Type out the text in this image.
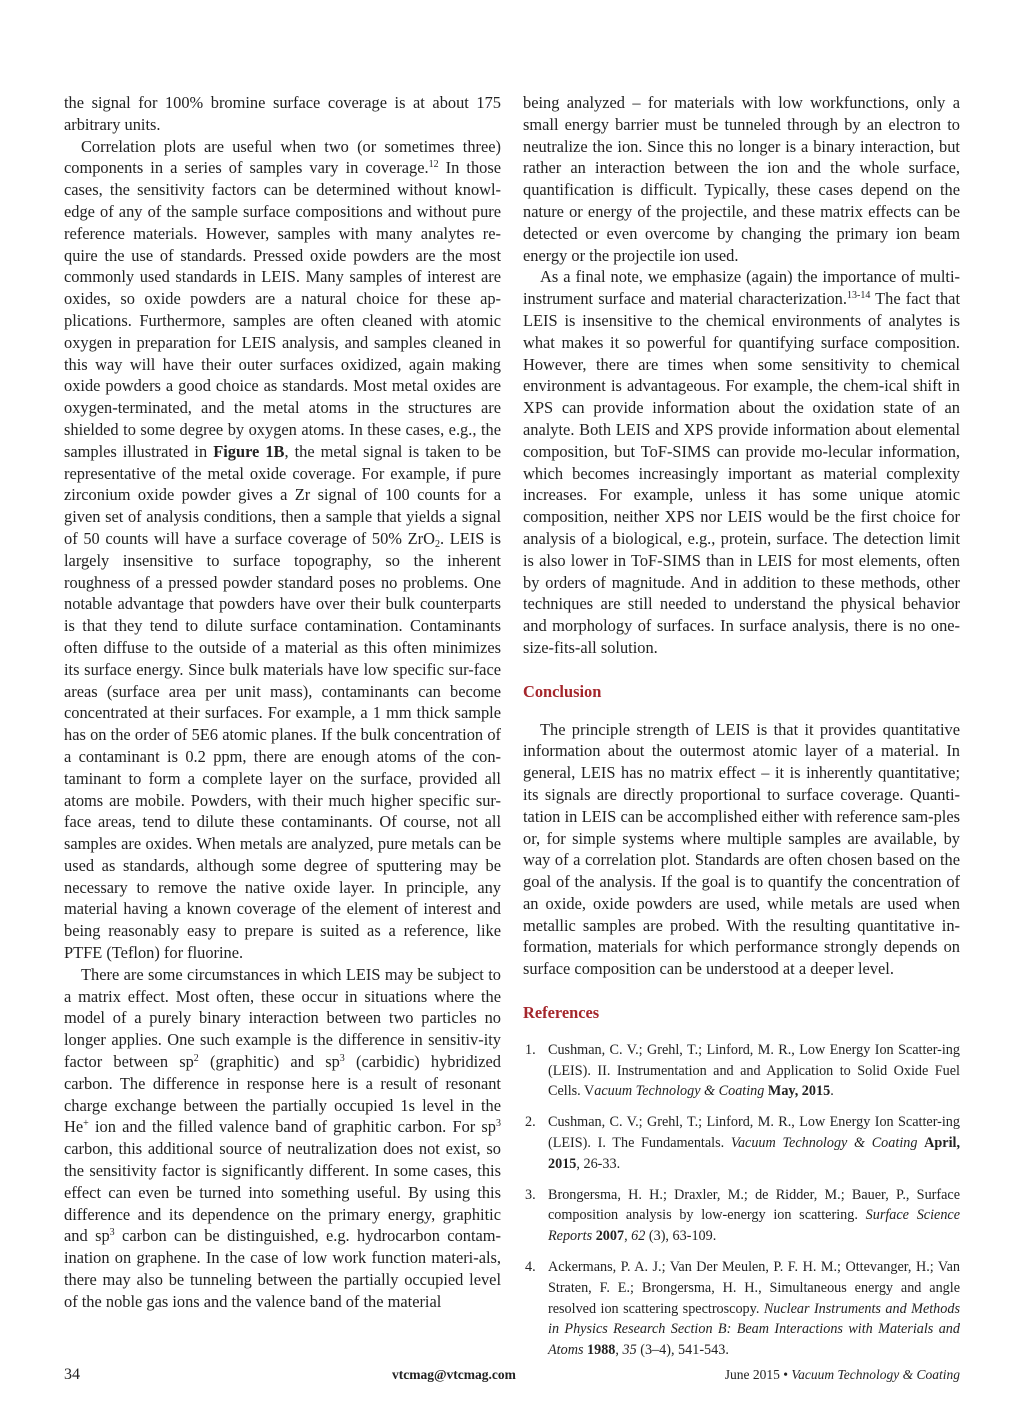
the signal for 100% bromine surface coverage is at about 175 arbitrary units.

Correlation plots are useful when two (or sometimes three) components in a series of samples vary in coverage.$^{12}$ In those cases, the sensitivity factors can be determined without knowl-edge of any of the sample surface compositions and without pure reference materials. However, samples with many analytes re-quire the use of standards. Pressed oxide powders are the most commonly used standards in LEIS. Many samples of interest are oxides, so oxide powders are a natural choice for these ap-plications. Furthermore, samples are often cleaned with atomic oxygen in preparation for LEIS analysis, and samples cleaned in this way will have their outer surfaces oxidized, again making oxide powders a good choice as standards. Most metal oxides are oxygen-terminated, and the metal atoms in the structures are shielded to some degree by oxygen atoms. In these cases, e.g., the samples illustrated in Figure 1B, the metal signal is taken to be representative of the metal oxide coverage. For example, if pure zirconium oxide powder gives a Zr signal of 100 counts for a given set of analysis conditions, then a sample that yields a signal of 50 counts will have a surface coverage of 50% ZrO$_2$. LEIS is largely insensitive to surface topography, so the inherent roughness of a pressed powder standard poses no problems. One notable advantage that powders have over their bulk counterparts is that they tend to dilute surface contamination. Contaminants often diffuse to the outside of a material as this often minimizes its surface energy. Since bulk materials have low specific sur-face areas (surface area per unit mass), contaminants can become concentrated at their surfaces. For example, a 1 mm thick sample has on the order of 5E6 atomic planes. If the bulk concentration of a contaminant is 0.2 ppm, there are enough atoms of the con-taminant to form a complete layer on the surface, provided all atoms are mobile. Powders, with their much higher specific sur-face areas, tend to dilute these contaminants. Of course, not all samples are oxides. When metals are analyzed, pure metals can be used as standards, although some degree of sputtering may be necessary to remove the native oxide layer. In principle, any material having a known coverage of the element of interest and being reasonably easy to prepare is suited as a reference, like PTFE (Teflon) for fluorine.

There are some circumstances in which LEIS may be subject to a matrix effect. Most often, these occur in situations where the model of a purely binary interaction between two particles no longer applies. One such example is the difference in sensitiv-ity factor between $sp^2$ (graphitic) and $sp^3$ (carbidic) hybridized carbon. The difference in response here is a result of resonant charge exchange between the partially occupied 1s level in the He+ ion and the filled valence band of graphitic carbon. For $sp^3$ carbon, this additional source of neutralization does not exist, so the sensitivity factor is significantly different. In some cases, this effect can even be turned into something useful. By using this difference and its dependence on the primary energy, graphitic and $sp^3$ carbon can be distinguished, e.g. hydrocarbon contam-ination on graphene. In the case of low work function materi-als, there may also be tunneling between the partially occupied level of the noble gas ions and the valence band of the material

being analyzed – for materials with low workfunctions, only a small energy barrier must be tunneled through by an electron to neutralize the ion. Since this no longer is a binary interaction, but rather an interaction between the ion and the whole surface, quantification is difficult. Typically, these cases depend on the nature or energy of the projectile, and these matrix effects can be detected or even overcome by changing the primary ion beam energy or the projectile ion used.

As a final note, we emphasize (again) the importance of multi-instrument surface and material characterization.$^{13-14}$ The fact that LEIS is insensitive to the chemical environments of analytes is what makes it so powerful for quantifying surface composition. However, there are times when some sensitivity to chemical environment is advantageous. For example, the chem-ical shift in XPS can provide information about the oxidation state of an analyte. Both LEIS and XPS provide information about elemental composition, but ToF-SIMS can provide mo-lecular information, which becomes increasingly important as material complexity increases. For example, unless it has some unique atomic composition, neither XPS nor LEIS would be the first choice for analysis of a biological, e.g., protein, surface. The detection limit is also lower in ToF-SIMS than in LEIS for most elements, often by orders of magnitude. And in addition to these methods, other techniques are still needed to understand the physical behavior and morphology of surfaces. In surface analysis, there is no one-size-fits-all solution.

Conclusion

The principle strength of LEIS is that it provides quantitative information about the outermost atomic layer of a material. In general, LEIS has no matrix effect – it is inherently quantitative; its signals are directly proportional to surface coverage. Quanti-tation in LEIS can be accomplished either with reference sam-ples or, for simple systems where multiple samples are available, by way of a correlation plot. Standards are often chosen based on the goal of the analysis. If the goal is to quantify the concentration of an oxide, oxide powders are used, while metals are used when metallic samples are probed. With the resulting quantitative in-formation, materials for which performance strongly depends on surface composition can be understood at a deeper level.

References
1. Cushman, C. V.; Grehl, T.; Linford, M. R., Low Energy Ion Scatter-ing (LEIS). II. Instrumentation and and Application to Solid Oxide Fuel Cells. Vacuum Technology & Coating May, 2015.
2. Cushman, C. V.; Grehl, T.; Linford, M. R., Low Energy Ion Scatter-ing (LEIS). I. The Fundamentals. Vacuum Technology & Coating April, 2015, 26-33.
3. Brongersma, H. H.; Draxler, M.; de Ridder, M.; Bauer, P., Surface composition analysis by low-energy ion scattering. Surface Science Reports 2007, 62 (3), 63-109.
4. Ackermans, P. A. J.; Van Der Meulen, P. F. H. M.; Ottevanger, H.; Van Straten, F. E.; Brongersma, H. H., Simultaneous energy and angle resolved ion scattering spectroscopy. Nuclear Instruments and Methods in Physics Research Section B: Beam Interactions with Materials and Atoms 1988, 35 (3–4), 541-543.
34	vtcmag@vtcmag.com	June 2015 • Vacuum Technology & Coating
